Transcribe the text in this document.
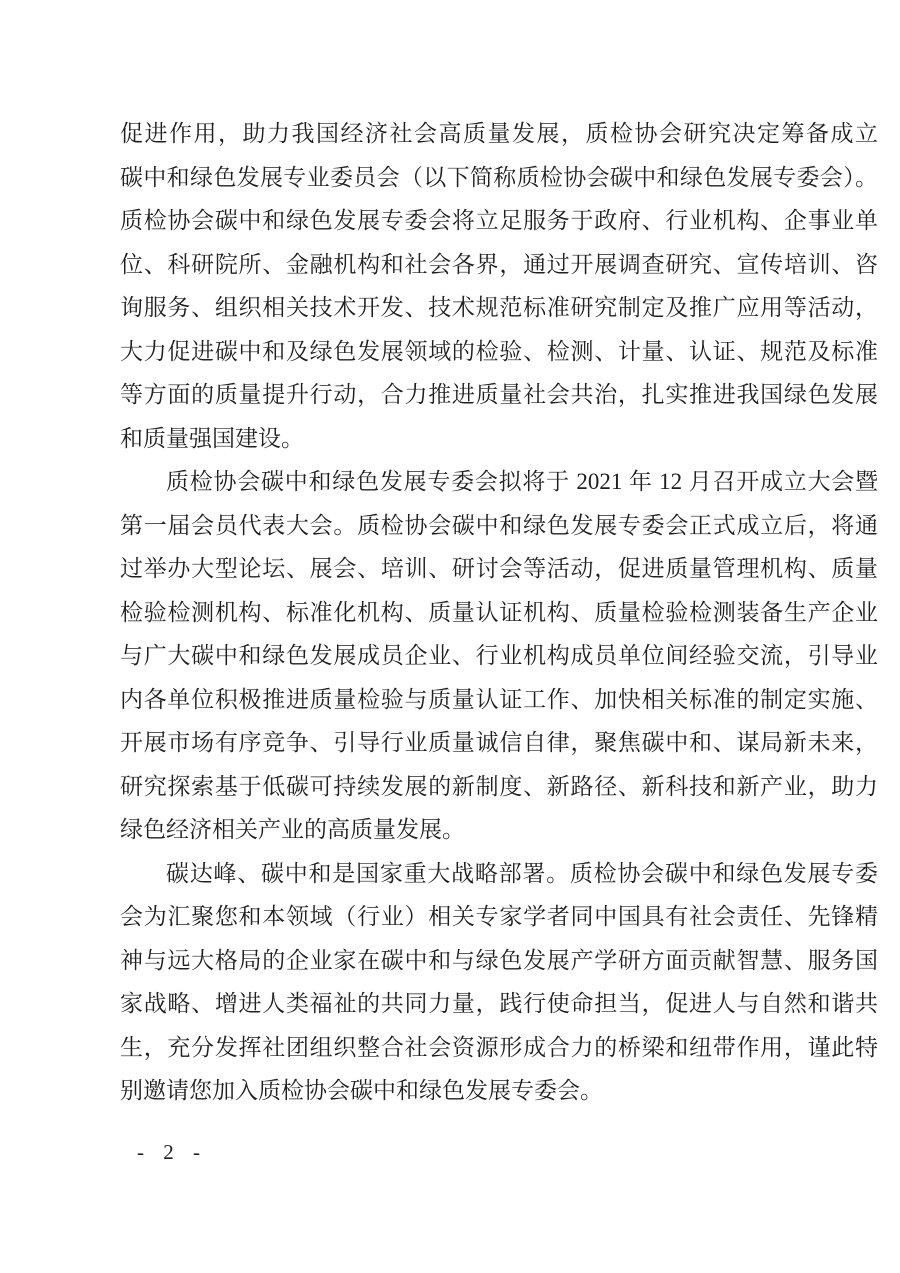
促进作用，助力我国经济社会高质量发展，质检协会研究决定筹备成立
碳中和绿色发展专业委员会（以下简称质检协会碳中和绿色发展专委会）。
质检协会碳中和绿色发展专委会将立足服务于政府、行业机构、企事业单
位、科研院所、金融机构和社会各界，通过开展调查研究、宣传培训、咨
询服务、组织相关技术开发、技术规范标准研究制定及推广应用等活动，
大力促进碳中和及绿色发展领域的检验、检测、计量、认证、规范及标准
等方面的质量提升行动，合力推进质量社会共治，扎实推进我国绿色发展
和质量强国建设。
质检协会碳中和绿色发展专委会拟将于 2021 年 12 月召开成立大会暨
第一届会员代表大会。质检协会碳中和绿色发展专委会正式成立后，将通
过举办大型论坛、展会、培训、研讨会等活动，促进质量管理机构、质量
检验检测机构、标准化机构、质量认证机构、质量检验检测装备生产企业
与广大碳中和绿色发展成员企业、行业机构成员单位间经验交流，引导业
内各单位积极推进质量检验与质量认证工作、加快相关标准的制定实施、
开展市场有序竞争、引导行业质量诚信自律，聚焦碳中和、谋局新未来，
研究探索基于低碳可持续发展的新制度、新路径、新科技和新产业，助力
绿色经济相关产业的高质量发展。
碳达峰、碳中和是国家重大战略部署。质检协会碳中和绿色发展专委
会为汇聚您和本领域（行业）相关专家学者同中国具有社会责任、先锋精
神与远大格局的企业家在碳中和与绿色发展产学研方面贡献智慧、服务国
家战略、增进人类福祉的共同力量，践行使命担当，促进人与自然和谐共
生，充分发挥社团组织整合社会资源形成合力的桥梁和纽带作用，谨此特
别邀请您加入质检协会碳中和绿色发展专委会。
- 2 -
